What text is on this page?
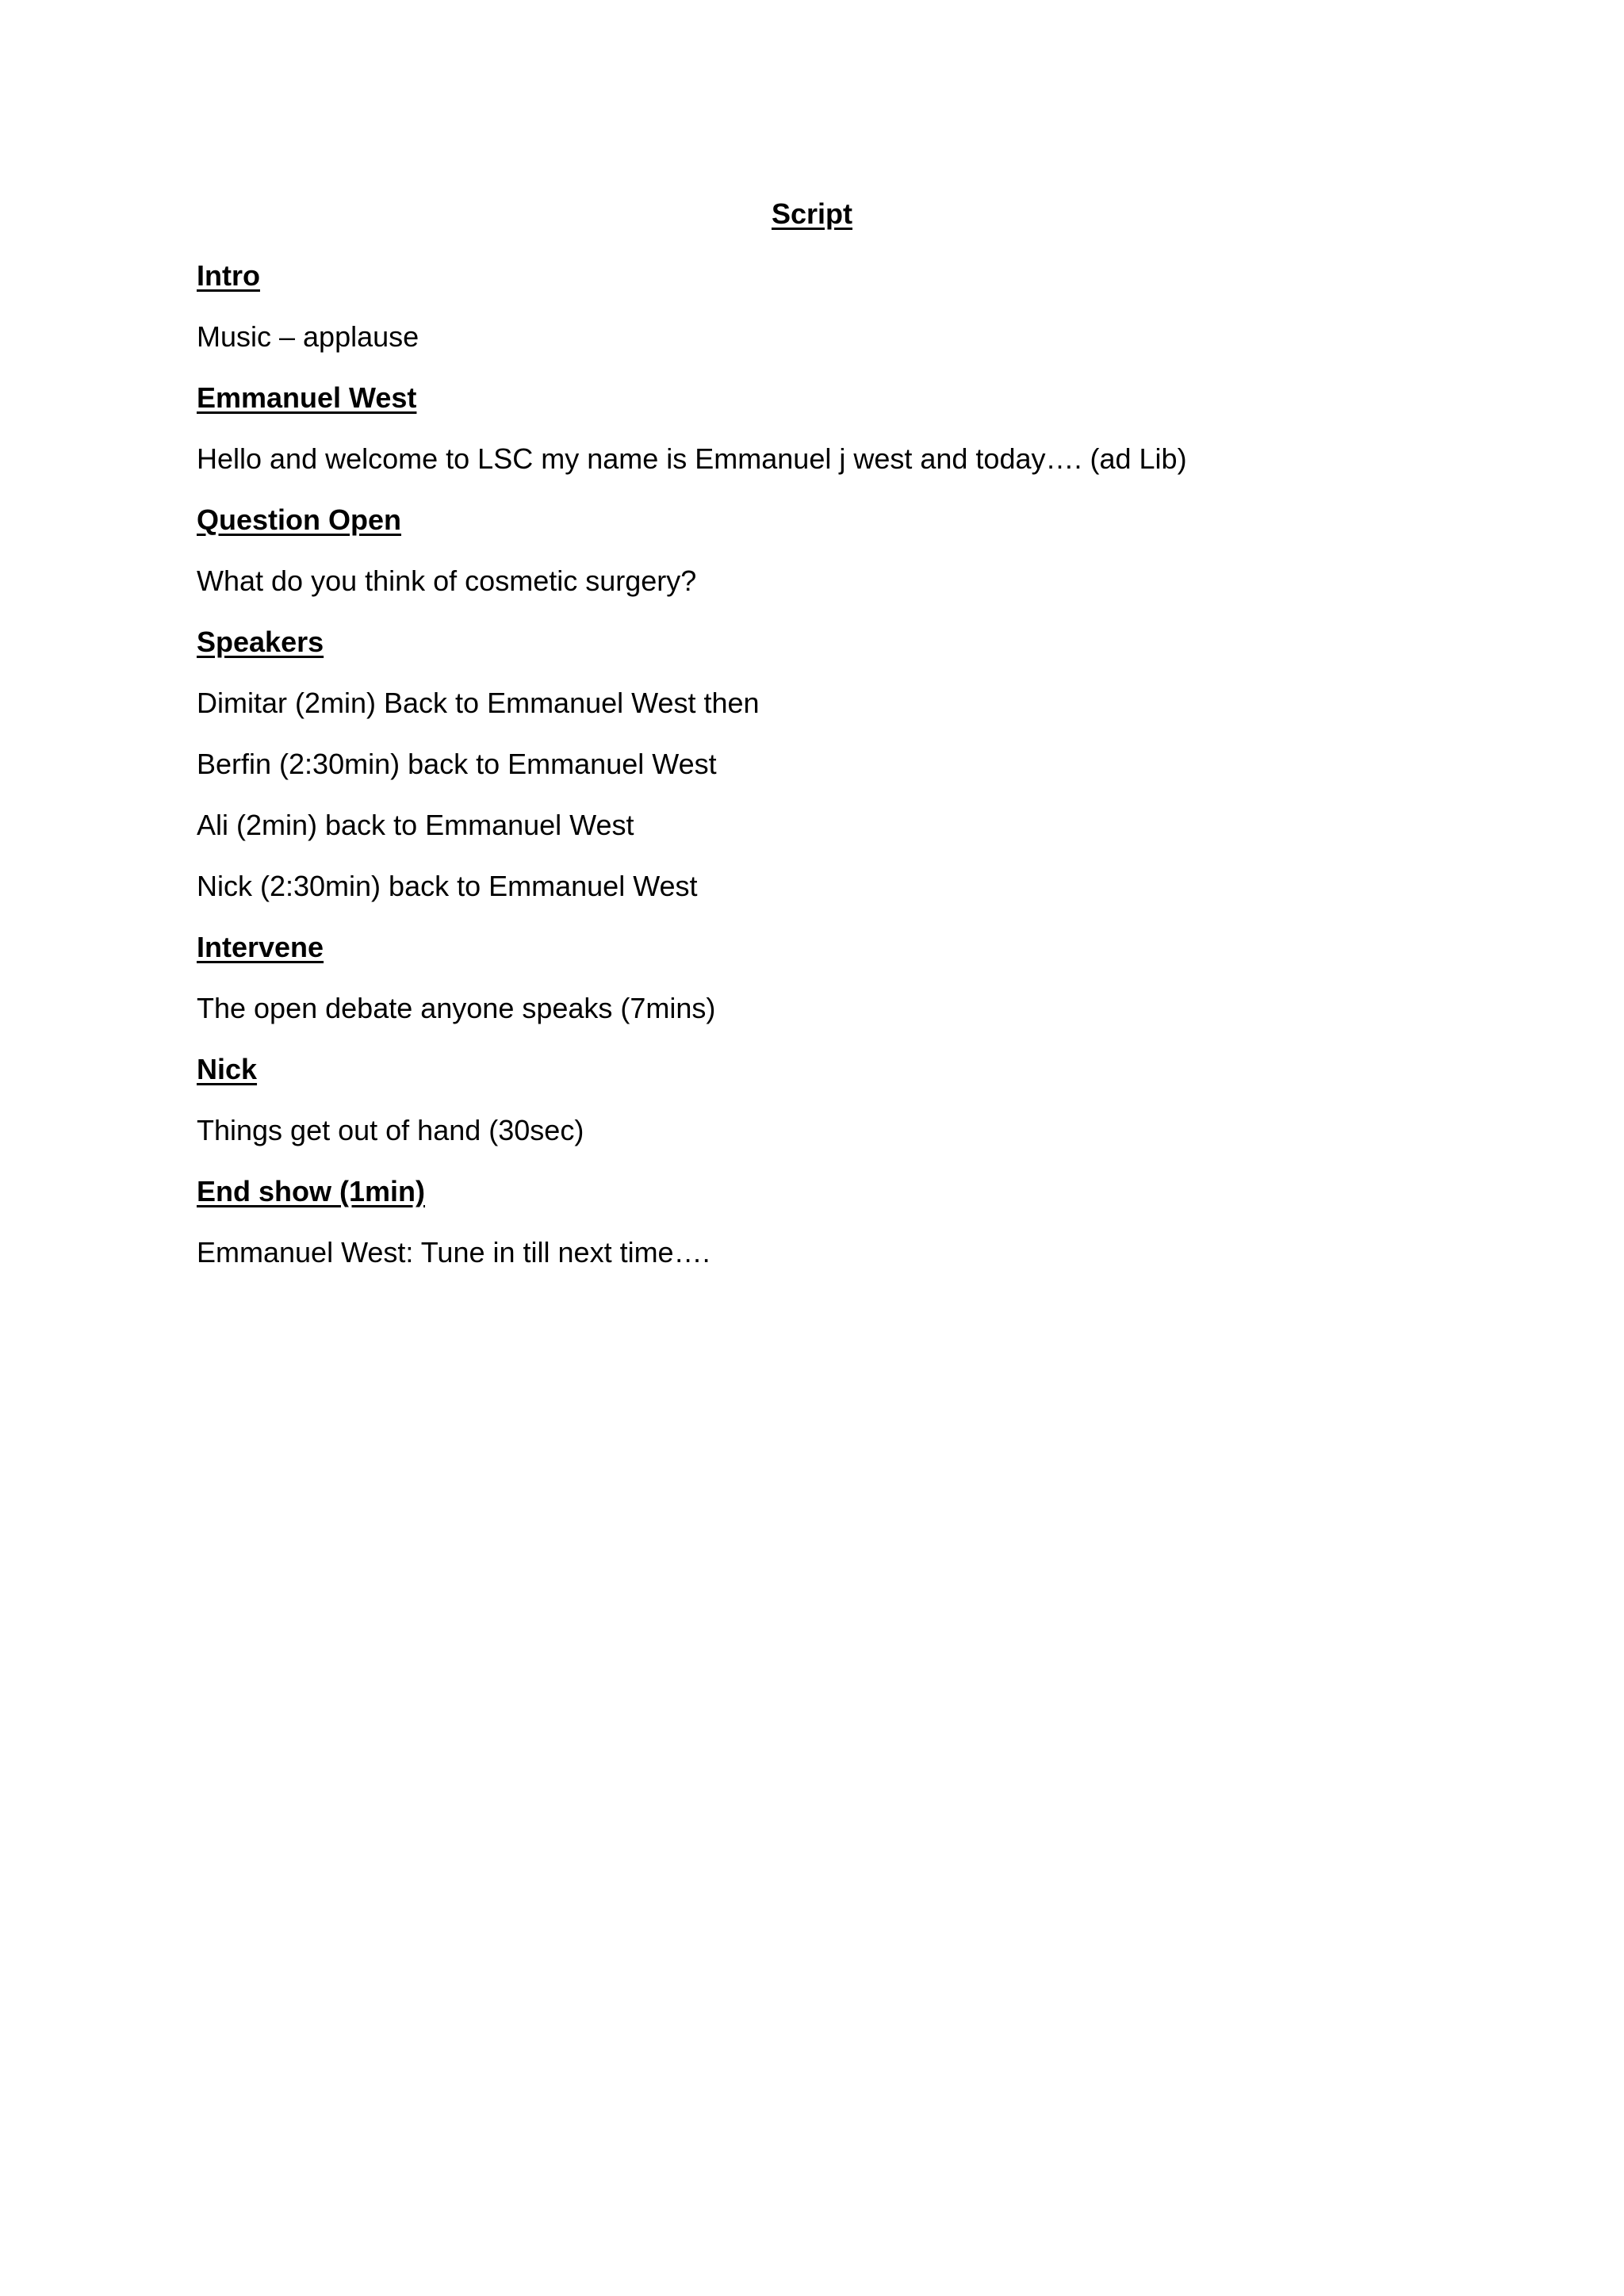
Script
Intro
Music – applause
Emmanuel West
Hello and welcome to LSC my name is Emmanuel j west and today…. (ad Lib)
Question Open
What do you think of cosmetic surgery?
Speakers
Dimitar (2min) Back to Emmanuel West then
Berfin (2:30min) back to Emmanuel West
Ali (2min) back to Emmanuel West
Nick (2:30min) back to Emmanuel West
Intervene
The open debate anyone speaks (7mins)
Nick
Things get out of hand (30sec)
End show (1min)
Emmanuel West: Tune in till next time….
